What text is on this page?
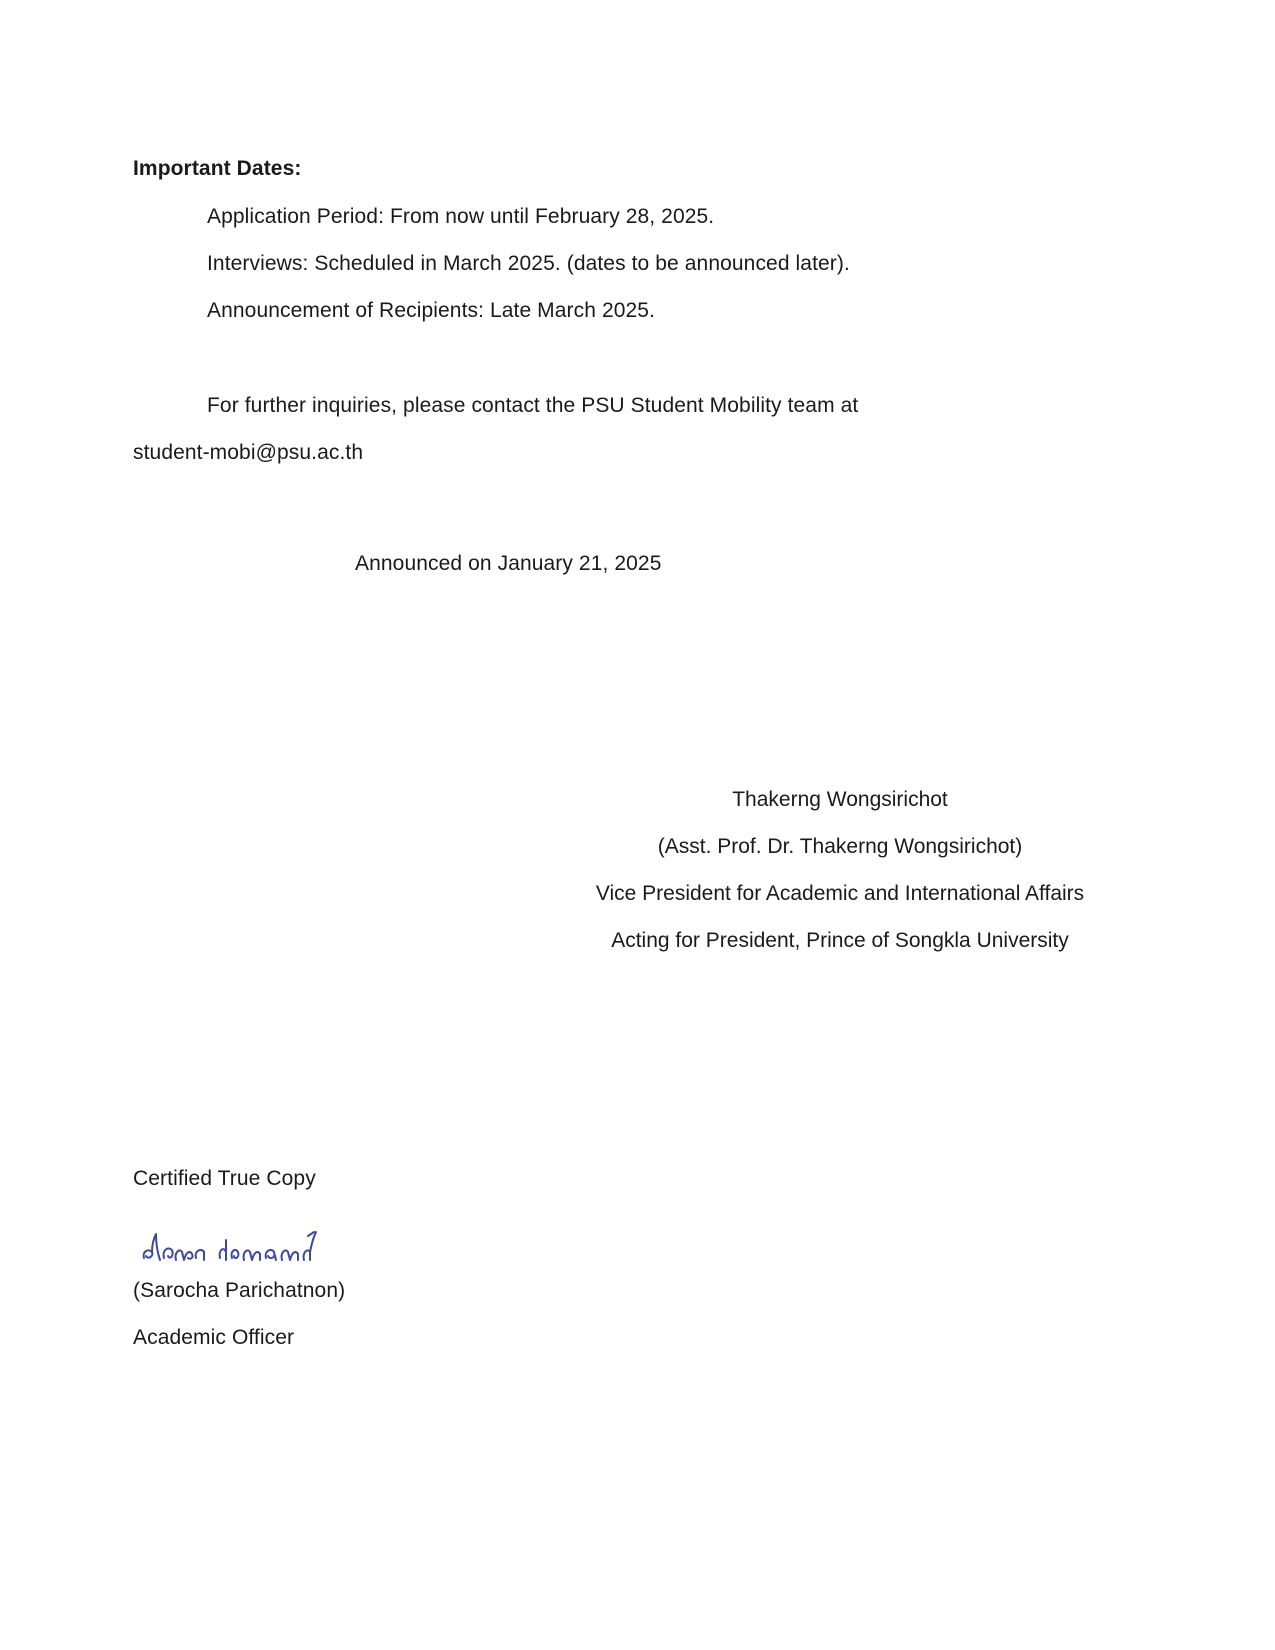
Important Dates:
Application Period: From now until February 28, 2025.
Interviews: Scheduled in March 2025. (dates to be announced later).
Announcement of Recipients: Late March 2025.
For further inquiries, please contact the PSU Student Mobility team at
student-mobi@psu.ac.th
Announced on January 21, 2025
Thakerng Wongsirichot
(Asst. Prof. Dr. Thakerng Wongsirichot)
Vice President for Academic and International Affairs
Acting for President, Prince of Songkla University
Certified True Copy
(Sarocha Parichatnon)
Academic Officer
